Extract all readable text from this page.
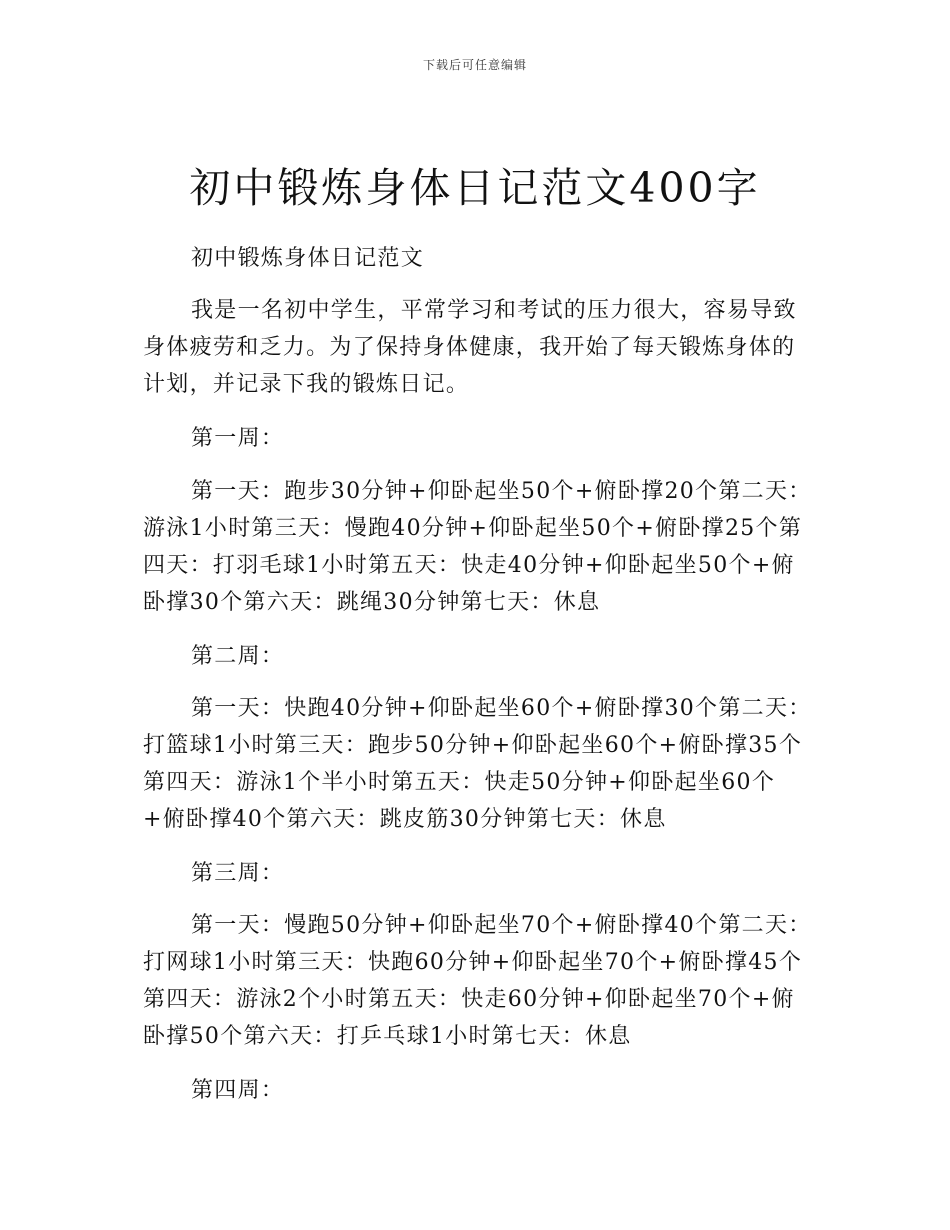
下载后可任意编辑
初中锻炼身体日记范文400字

初中锻炼身体日记范文

我是一名初中学生，平常学习和考试的压力很大，容易导致身体疲劳和乏力。为了保持身体健康，我开始了每天锻炼身体的计划，并记录下我的锻炼日记。

第一周：

第一天：跑步30分钟+仰卧起坐50个+俯卧撑20个第二天：游泳1小时第三天：慢跑40分钟+仰卧起坐50个+俯卧撑25个第四天：打羽毛球1小时第五天：快走40分钟+仰卧起坐50个+俯卧撑30个第六天：跳绳30分钟第七天：休息

第二周：

第一天：快跑40分钟+仰卧起坐60个+俯卧撑30个第二天：打篮球1小时第三天：跑步50分钟+仰卧起坐60个+俯卧撑35个第四天：游泳1个半小时第五天：快走50分钟+仰卧起坐60个+俯卧撑40个第六天：跳皮筋30分钟第七天：休息

第三周：

第一天：慢跑50分钟+仰卧起坐70个+俯卧撑40个第二天：打网球1小时第三天：快跑60分钟+仰卧起坐70个+俯卧撑45个第四天：游泳2个小时第五天：快走60分钟+仰卧起坐70个+俯卧撑50个第六天：打乒乓球1小时第七天：休息

第四周：
